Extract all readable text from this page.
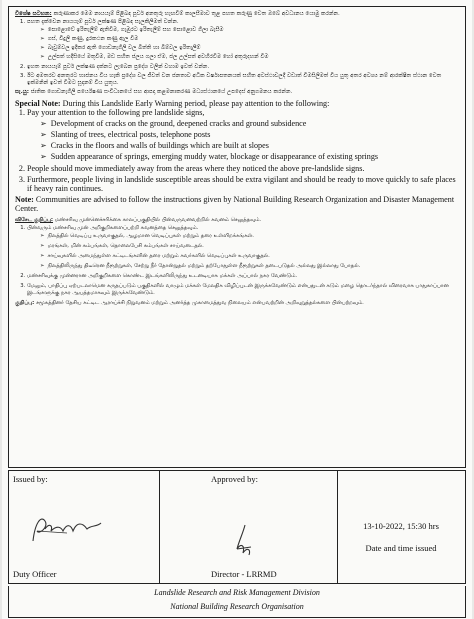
විශේෂ සටහන: කරුණාකර මෙම නායයෑම් පිළිබඳ පූර්ව අනතුරු හැඟවීම් කාලසීමාව තුළ පහත කරුණු වෙත ඔබේ අවධානය යොමු කරන්න.

1. පහත දැක්වෙන නායයෑම් පූර්ව ලක්ෂණ පිළිබඳ සැලකිලිමත් වන්න.
➢ පොළොවේ ඉරිතැලීම් ඇතිවීම, ගැඹුරට ඉරිතැලීම් සහ පොළොව ගිලා බැසීම
➢ ගස්, විදුලි කණු, දුරකථන කණු ඇල වීම
➢ බෑවුම්වල ඉදිකර ඇති ගොඩනැගිලි වල බිත්ති හා බිම්වල ඉරිතැලීම්
➢ උල්පත් හදිසියේ මතුවීම, මඩ සහිත ජලය ගලා ඒම, ජල උල්පත් අවහිරවීම හෝ අතුරුදහන් වීම
2. ඉහත නායයෑම් පූර්ව ලක්ෂණ දක්නට ලැබෙන ප්‍රදේශ වලින් වහාම ඉවත් වන්න.
3. ඊට අමතරව අනතුරට භාජනය විය හැකි ප්‍රදේශ වල ජීවත් වන ජනතාව අධික වර්ෂාපතනයක් සහිත අවස්ථාවලදී වඩාත් විමසිලිමත් විය යුතු අතර අවශ්‍ය නම් ආරක්ෂිත ස්ථාන වෙත ඉක්මනින් ඉවත් වීමට සූදානම් විය යුතුය.

සැ.යු: ජාතික ගොඩනැගිලි පර්යේෂණ සංවිධානයේ සහ ආපදා කළමනාකරණ මධ්‍යස්ථානයේ උපදෙස් අනුගමනය කරන්න.

Special Note: During this Landslide Early Warning period, please pay attention to the following:

1. Pay your attention to the following pre landslide signs,
➢ Development of cracks on the ground, deepened cracks and ground subsidence
➢ Slanting of trees, electrical posts, telephone posts
➢ Cracks in the floors and walls of buildings which are built at slopes
➢ Sudden appearance of springs, emerging muddy water, blockage or disappearance of existing springs
2. People should move immediately away from the areas where they noticed the above pre-landslide signs.
3. Furthermore, people living in landslide susceptible areas should be extra vigilant and should be ready to move quickly to safe places if heavy rain continues.

Note: Communities are advised to follow the instructions given by National Building Research Organization and Disaster Management Center.

விசேட குறிப்பு: மண்சரிவு முன்னெச்சரிக்கை காலப்பகுதியில் பின்வருவனவற்றில் கவனம் செலுத்தவும்.

1. பின்வரும் மண்சரிவு முன் அறிகுறிகளைப்பற்றி கவனத்தை செலுத்தவும்.
➢ நிலத்தில் வெடிப்பு உருவாகுதல், ஆழமான வெடிப்புகள் மற்றும் தரை உள்ளிறக்கங்கள்.
➢ மரங்கள், மின் கம்பங்கள், தொலைபேசி கம்பங்கள் சாய்வடைதல்.
➢ சாய்வுகளில் அமைந்துள்ள கட்டிடங்களின் தரை மற்றும் சுவர்களில் வெடிப்புகள் உருவாகுதல்.
➢ நிலத்திலிருந்து திடீரென நீரூற்றுகள், சேற்று நீர் தோன்றுதல் மற்றும் தற்போதுள்ள நீரூற்றுகள் தடைபடுதல் அல்லது இல்லாது போதல்.
2. மண்சரிவுக்கு முன்னரான அறிகுறிகளை கொண்ட இடங்களிலிருந்து உடனடியாக மக்கள் அப்பால் நகர வேண்டும்.
3. மேலும், பாதிப்பு ஏற்படலாமென கருதப்படும் பகுதிகளில் வாழும் மக்கள் மேலதிக விழிப்புடன் இருக்கவேண்டும் என்பதுடன் கடும் மழை தொடர்ந்தால் விரைவாக பாதுகாப்பான இடங்களுக்கு நகர ஆயத்தமாகவும் இருக்கவேண்டும்.

குறிப்பு: சமூகத்தினர் தேசிய கட்டிட ஆராய்ச்சி நிறுவனம் மற்றும் அனர்த்த முகாமைத்துவ நிலையம் என்பவற்றின் அறிவுறுத்தல்களை பின்பற்றவும்.

Issued by:
Duty Officer
Approved by:
Director - LRRMD
13-10-2022, 15:30 hrs
Date and time issued
Landslide Research and Risk Management Division
National Building Research Organisation
